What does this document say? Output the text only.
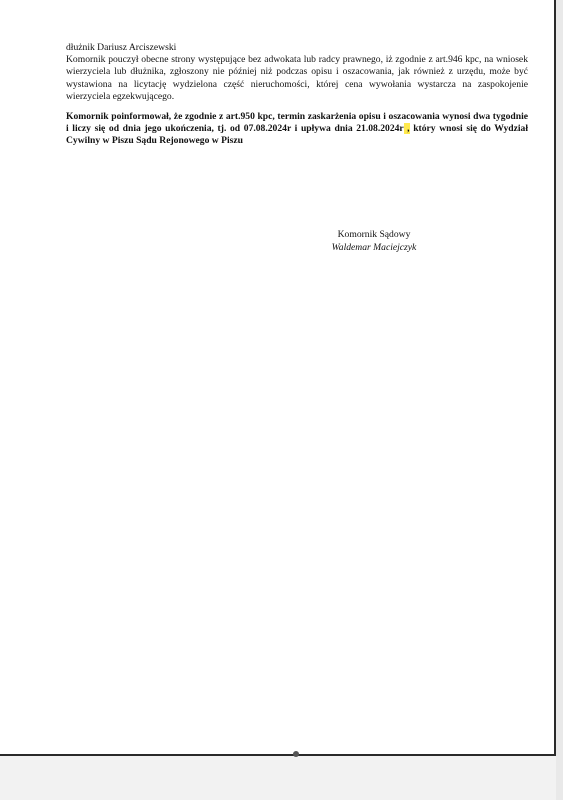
dłużnik Dariusz Arciszewski
Komornik pouczył obecne strony występujące bez adwokata lub radcy prawnego, iż zgodnie z art.946 kpc, na wniosek wierzyciela lub dłużnika, zgłoszony nie później niż podczas opisu i oszacowania, jak również z urzędu, może być wystawiona na licytację wydzielona część nieruchomości, której cena wywołania wystarcza na zaspokojenie wierzyciela egzekwującego.

Komornik poinformował, że zgodnie z art.950 kpc, termin zaskarżenia opisu i oszacowania wynosi dwa tygodnie i liczy się od dnia jego ukończenia, tj. od 07.08.2024r i upływa dnia 21.08.2024r , który wnosi się do Wydział Cywilny w Piszu Sądu Rejonowego w Piszu

Komornik Sądowy
Waldemar Maciejczyk
